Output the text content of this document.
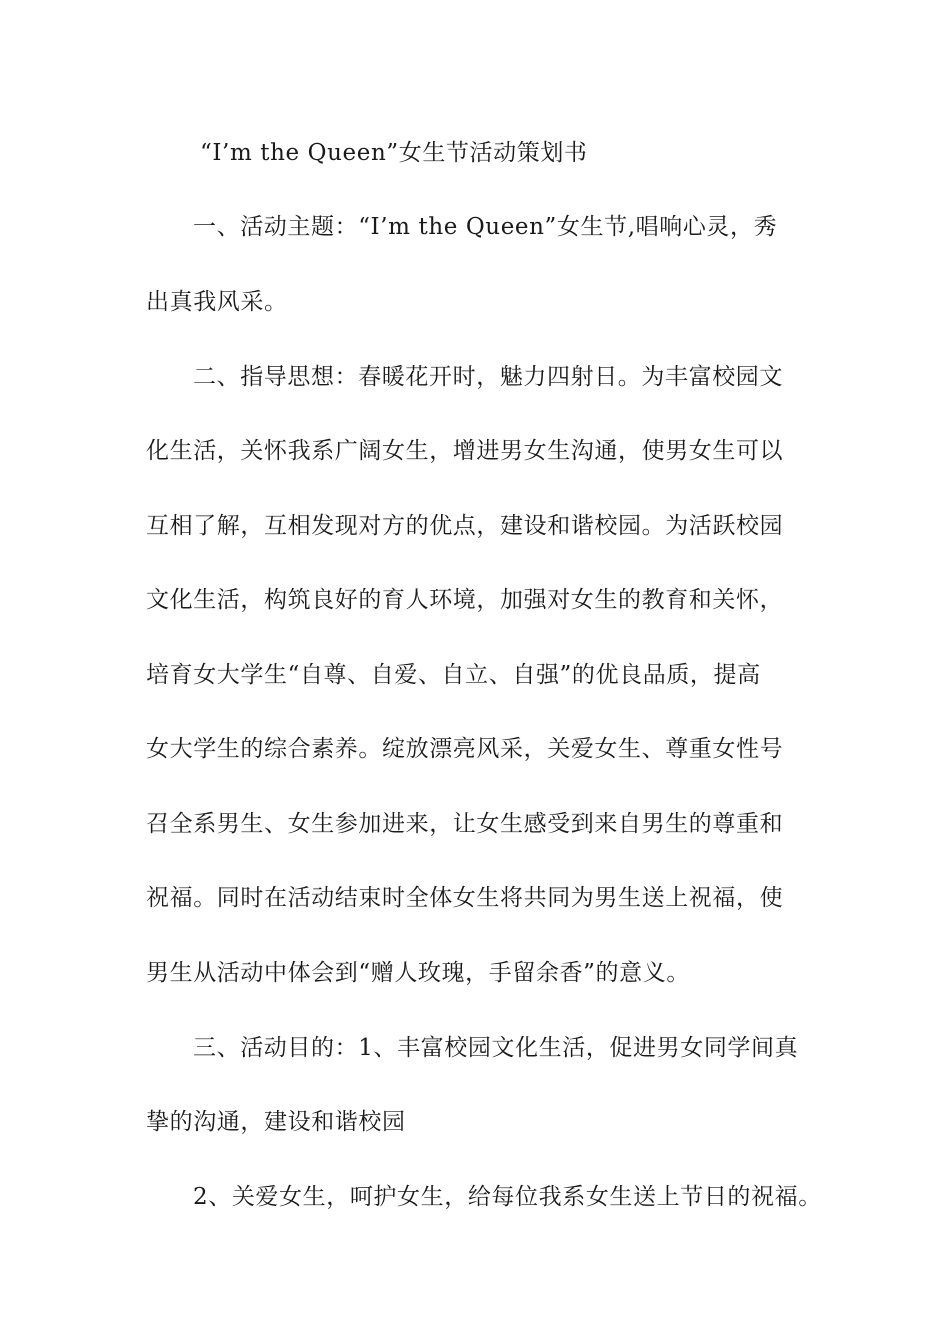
“I’m the Queen”女生节活动策划书
一、活动主题：“I’m the Queen”女生节,唱响心灵，秀
出真我风采。
二、指导思想：春暖花开时，魅力四射日。为丰富校园文
化生活，关怀我系广阔女生，增进男女生沟通，使男女生可以
互相了解，互相发现对方的优点，建设和谐校园。为活跃校园
文化生活，构筑良好的育人环境，加强对女生的教育和关怀，
培育女大学生“自尊、自爱、自立、自强”的优良品质，提高
女大学生的综合素养。绽放漂亮风采，关爱女生、尊重女性号
召全系男生、女生参加进来，让女生感受到来自男生的尊重和
祝福。同时在活动结束时全体女生将共同为男生送上祝福，使
男生从活动中体会到“赠人玫瑰，手留余香”的意义。
三、活动目的：1、丰富校园文化生活，促进男女同学间真
挚的沟通，建设和谐校园
2、关爱女生，呵护女生，给每位我系女生送上节日的祝福。
